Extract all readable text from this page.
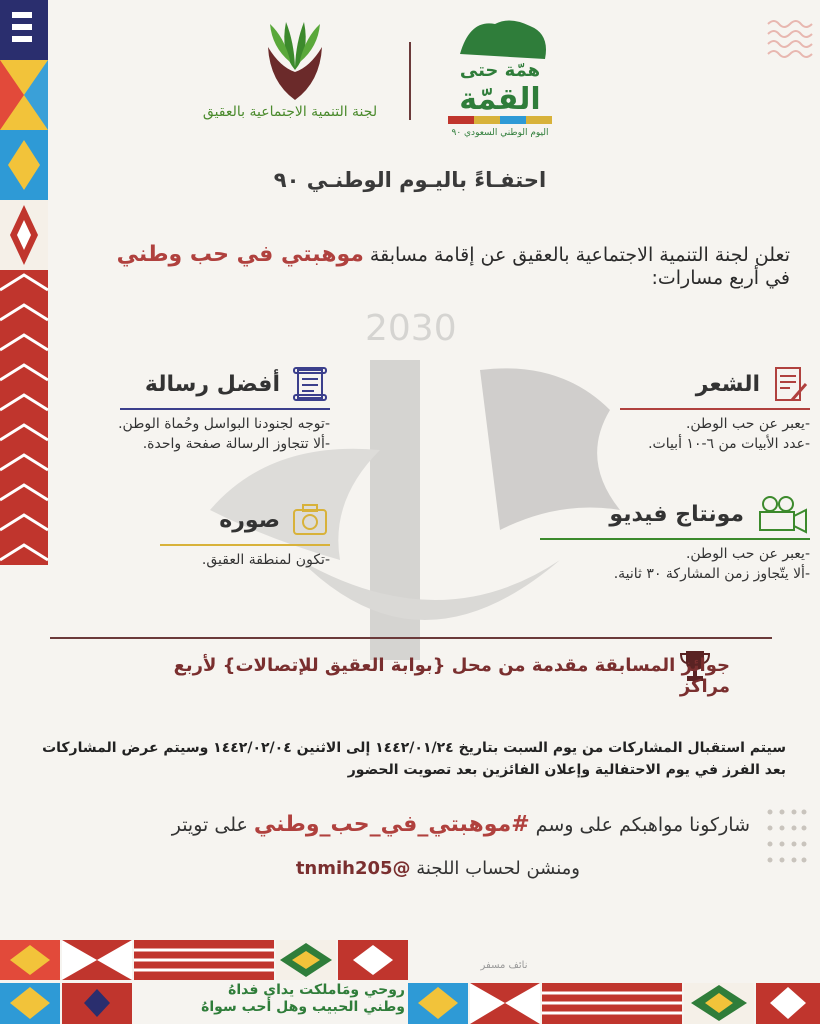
2030
لجنة التنمية الاجتماعية بالعقيق
همّة حتى
القمّة
اليوم الوطني السعودي ٩٠
احتفـاءً باليـوم الوطنـي ٩٠
تعلن لجنة التنمية الاجتماعية بالعقيق عن إقامة مسابقة موهبتي في حب وطني في أربع مسارات:
الشعر
-يعبر عن حب الوطن.
-عدد الأبيات من ٦-١٠ أبيات.
أفضل رسالة
-توجه لجنودنا البواسل وحُماة الوطن.
-ألا تتجاوز الرسالة صفحة واحدة.
مونتاج فيديو
-يعبر عن حب الوطن.
-ألا يتّجاوز زمن المشاركة ٣٠ ثانية.
صوره
-تكون لمنطقة العقيق.
جوائز المسابقة مقدمة من محل {بوابة العقيق للإتصالات} لأربع مراكز
سيتم استقبال المشاركات من يوم السبت بتاريخ ١٤٤٢/٠١/٢٤ إلى الاثنين ١٤٤٢/٠٢/٠٤ وسيتم عرض المشاركات
بعد الفرز في يوم الاحتفالية وإعلان الفائزين بعد تصويت الحضور
شاركونا مواهبكم على وسم #موهبتي_في_حب_وطني على تويتر
ومنشن لحساب اللجنة @tnmih205
روحي ومَاملكت يداي فداهُ
وطني الحبيب وهل أحب سواهُ
نائف مسفر
